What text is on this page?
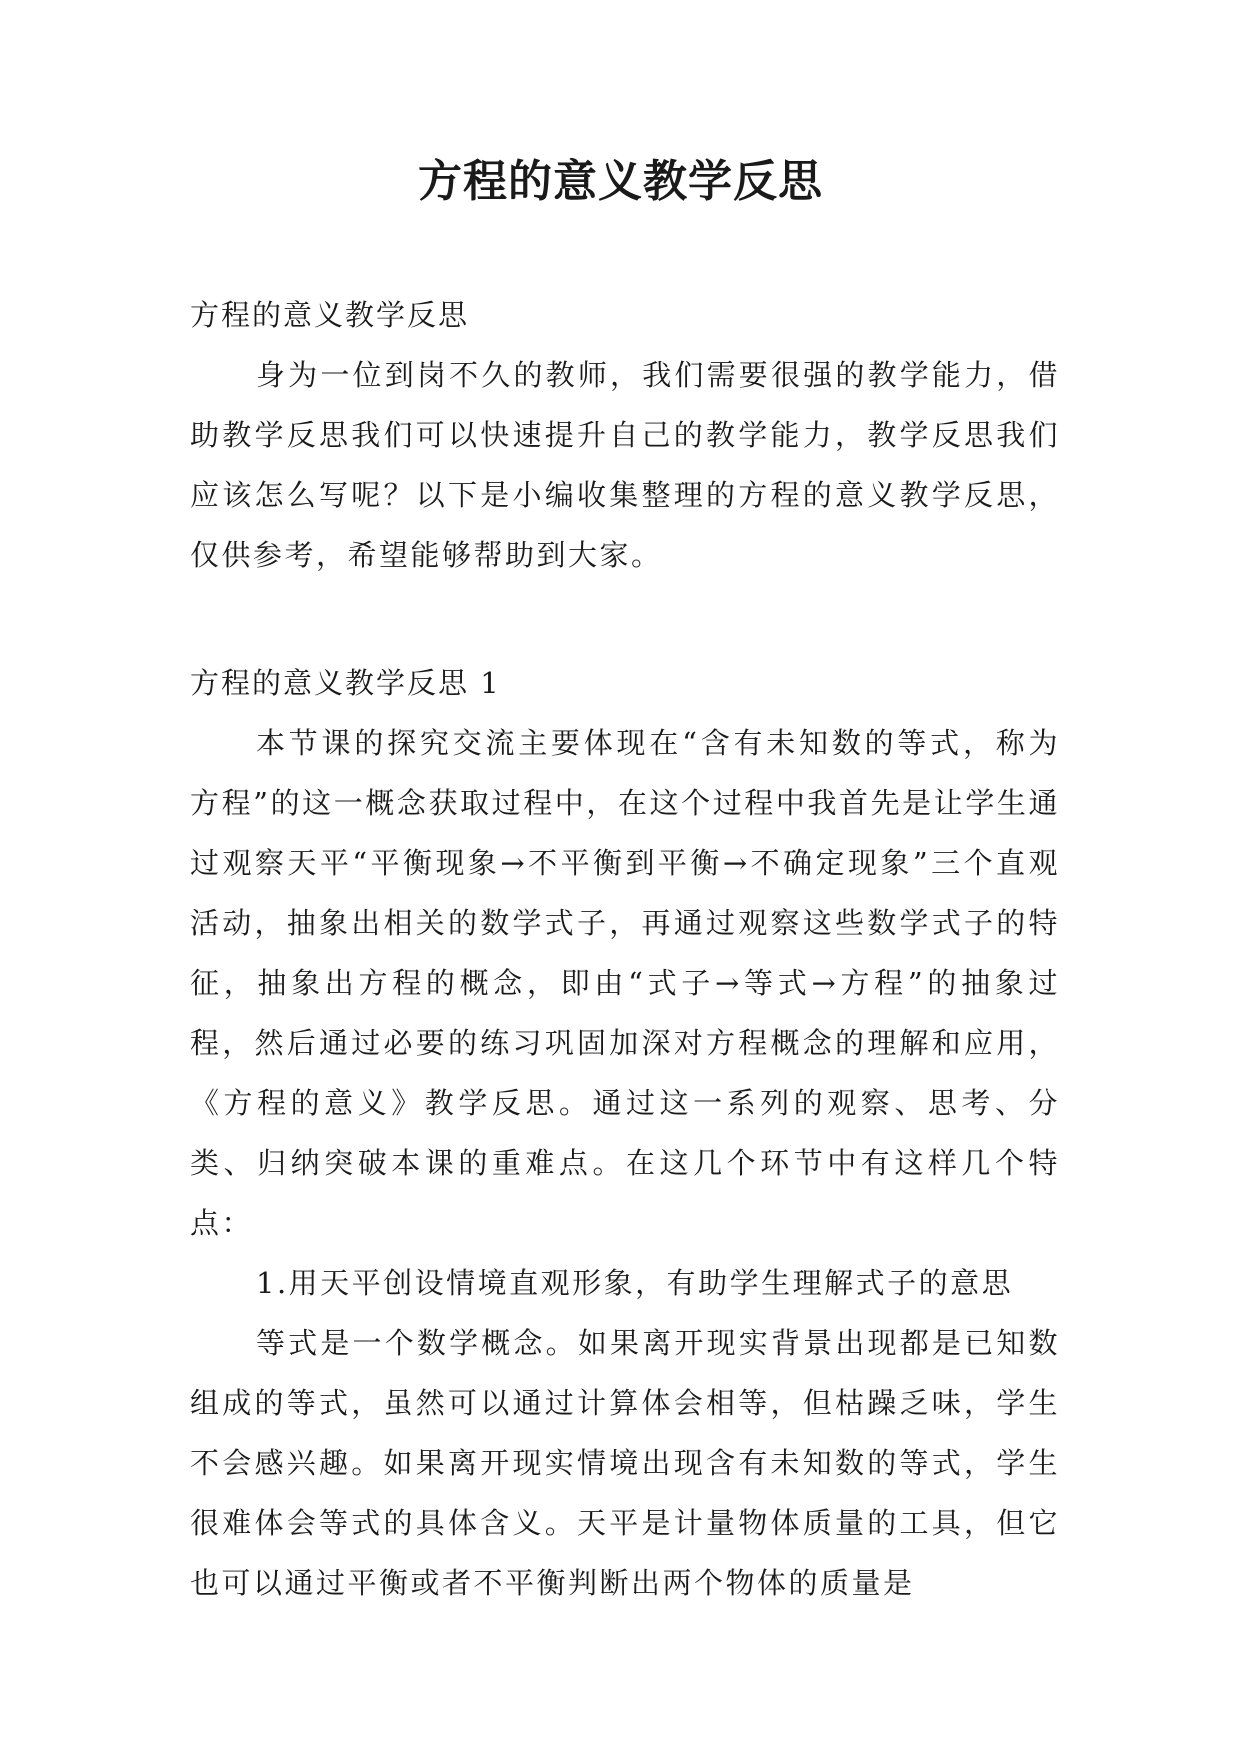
方程的意义教学反思

方程的意义教学反思

身为一位到岗不久的教师，我们需要很强的教学能力，借助教学反思我们可以快速提升自己的教学能力，教学反思我们应该怎么写呢？以下是小编收集整理的方程的意义教学反思，仅供参考，希望能够帮助到大家。

方程的意义教学反思 1

本节课的探究交流主要体现在“含有未知数的等式，称为方程”的这一概念获取过程中，在这个过程中我首先是让学生通过观察天平“平衡现象→不平衡到平衡→不确定现象”三个直观活动，抽象出相关的数学式子，再通过观察这些数学式子的特征，抽象出方程的概念，即由“式子→等式→方程”的抽象过程，然后通过必要的练习巩固加深对方程概念的理解和应用，《方程的意义》教学反思。通过这一系列的观察、思考、分类、归纳突破本课的重难点。在这几个环节中有这样几个特点：

1.用天平创设情境直观形象，有助学生理解式子的意思

等式是一个数学概念。如果离开现实背景出现都是已知数组成的等式，虽然可以通过计算体会相等，但枯躁乏味，学生不会感兴趣。如果离开现实情境出现含有未知数的等式，学生很难体会等式的具体含义。天平是计量物体质量的工具，但它也可以通过平衡或者不平衡判断出两个物体的质量是
